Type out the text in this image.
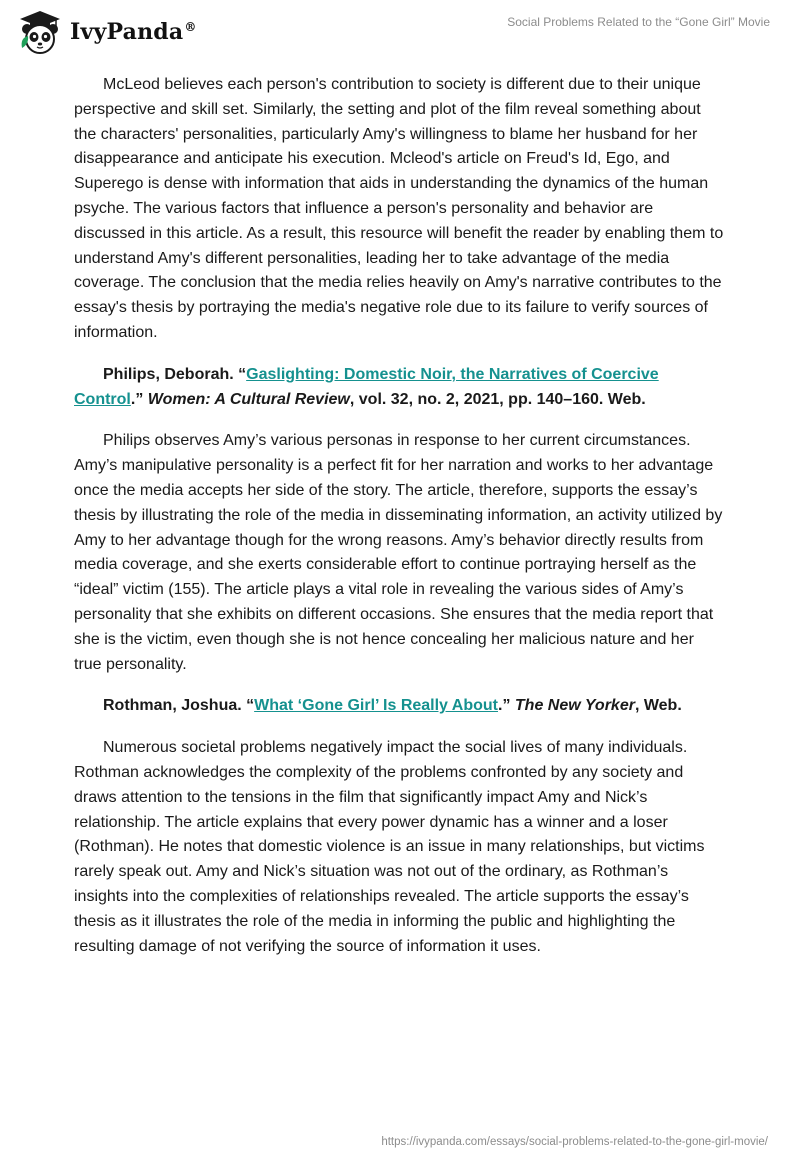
IvyPanda®	Social Problems Related to the “Gone Girl” Movie

McLeod believes each person's contribution to society is different due to their unique perspective and skill set. Similarly, the setting and plot of the film reveal something about the characters' personalities, particularly Amy's willingness to blame her husband for her disappearance and anticipate his execution. Mcleod's article on Freud's Id, Ego, and Superego is dense with information that aids in understanding the dynamics of the human psyche. The various factors that influence a person's personality and behavior are discussed in this article. As a result, this resource will benefit the reader by enabling them to understand Amy's different personalities, leading her to take advantage of the media coverage. The conclusion that the media relies heavily on Amy's narrative contributes to the essay's thesis by portraying the media's negative role due to its failure to verify sources of information.

Philips, Deborah. “Gaslighting: Domestic Noir, the Narratives of Coercive Control.” Women: A Cultural Review, vol. 32, no. 2, 2021, pp. 140–160. Web.

Philips observes Amy’s various personas in response to her current circumstances. Amy’s manipulative personality is a perfect fit for her narration and works to her advantage once the media accepts her side of the story. The article, therefore, supports the essay’s thesis by illustrating the role of the media in disseminating information, an activity utilized by Amy to her advantage though for the wrong reasons. Amy’s behavior directly results from media coverage, and she exerts considerable effort to continue portraying herself as the “ideal” victim (155). The article plays a vital role in revealing the various sides of Amy’s personality that she exhibits on different occasions. She ensures that the media report that she is the victim, even though she is not hence concealing her malicious nature and her true personality.

Rothman, Joshua. “What ‘Gone Girl’ Is Really About.” The New Yorker, Web.

Numerous societal problems negatively impact the social lives of many individuals. Rothman acknowledges the complexity of the problems confronted by any society and draws attention to the tensions in the film that significantly impact Amy and Nick’s relationship. The article explains that every power dynamic has a winner and a loser (Rothman). He notes that domestic violence is an issue in many relationships, but victims rarely speak out. Amy and Nick’s situation was not out of the ordinary, as Rothman’s insights into the complexities of relationships revealed. The article supports the essay’s thesis as it illustrates the role of the media in informing the public and highlighting the resulting damage of not verifying the source of information it uses.

https://ivypanda.com/essays/social-problems-related-to-the-gone-girl-movie/
